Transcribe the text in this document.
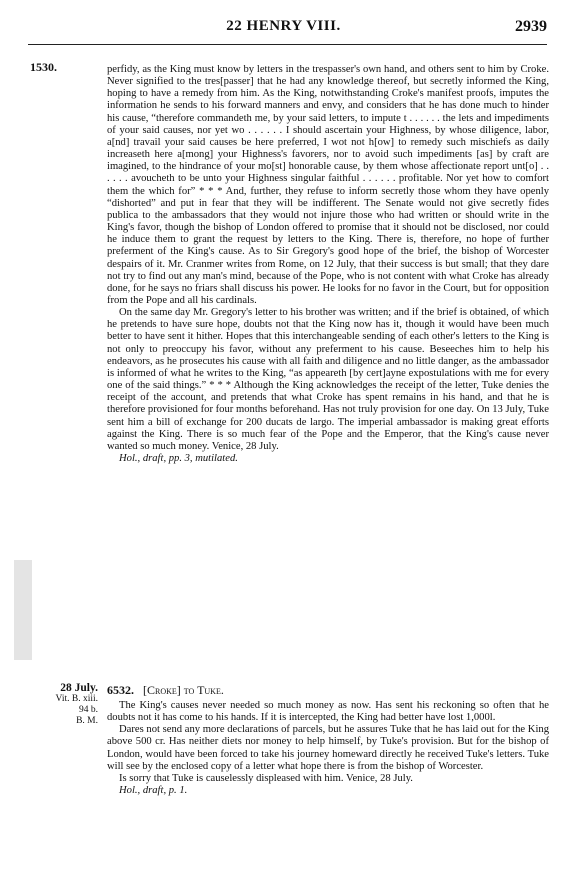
22 HENRY VIII.	2939
1530.	perfidy, as the King must know by letters in the trespasser's own hand, and others sent to him by Croke. Never signified to the tres[passer] that he had any knowledge thereof, but secretly informed the King, hoping to have a remedy from him. As the King, notwithstanding Croke's manifest proofs, imputes the information he sends to his forward manners and envy, and considers that he has done much to hinder his cause, “therefore commandeth me, by your said letters, to impute t . . . . . . the lets and impediments of your said causes, nor yet wo . . . . . . I should ascertain your Highness, by whose diligence, labor, a[nd] travail your said causes be here preferred, I wot not h[ow] to remedy such mischiefs as daily increaseth here a[mong] your Highness's favorers, nor to avoid such impediments [as] by craft are imagined, to the hindrance of your mo[st] honorable cause, by them whose affectionate report unt[o] . . . . . . avoucheth to be unto your Highness singular faithful . . . . . . profitable. Nor yet how to comfort them the which for” * * * And, further, they refuse to inform secretly those whom they have openly “dishorted” and put in fear that they will be indifferent. The Senate would not give secretly fides publica to the ambassadors that they would not injure those who had written or should write in the King's favor, though the bishop of London offered to promise that it should not be disclosed, nor could he induce them to grant the request by letters to the King. There is, therefore, no hope of further preferment of the King's cause. As to Sir Gregory's good hope of the brief, the bishop of Worcester despairs of it. Mr. Cranmer writes from Rome, on 12 July, that their success is but small; that they dare not try to find out any man's mind, because of the Pope, who is not content with what Croke has already done, for he says no friars shall discuss his power. He looks for no favor in the Court, but for opposition from the Pope and all his cardinals.

On the same day Mr. Gregory's letter to his brother was written; and if the brief is obtained, of which he pretends to have sure hope, doubts not that the King now has it, though it would have been much better to have sent it hither. Hopes that this interchangeable sending of each other's letters to the King is not only to preoccupy his favor, without any preferment to his cause. Beseeches him to help his endeavors, as he prosecutes his cause with all faith and diligence and no little danger, as the ambassador is informed of what he writes to the King, “as appeareth [by cert]ayne expostulations with me for every one of the said things.” * * * Although the King acknowledges the receipt of the letter, Tuke denies the receipt of the account, and pretends that what Croke has spent remains in his hand, and that he is therefore provisioned for four months beforehand. Has not truly provision for one day. On 13 July, Tuke sent him a bill of exchange for 200 ducats de largo. The imperial ambassador is making great efforts against the King. There is so much fear of the Pope and the Emperor, that the King's cause never wanted so much money. Venice, 28 July.

Hol., draft, pp. 3, mutilated.

28 July.
Vit. B. xiii.
94 b.
B. M.
6532. [Croke] to Tuke.

The King's causes never needed so much money as now. Has sent his reckoning so often that he doubts not it has come to his hands. If it is intercepted, the King had better have lost 1,000l.

Dares not send any more declarations of parcels, but he assures Tuke that he has laid out for the King above 500 cr. Has neither diets nor money to help himself, by Tuke's provision. But for the bishop of London, would have been forced to take his journey homeward directly he received Tuke's letters. Tuke will see by the enclosed copy of a letter what hope there is from the bishop of Worcester.

Is sorry that Tuke is causelessly displeased with him. Venice, 28 July.

Hol., draft, p. 1.
